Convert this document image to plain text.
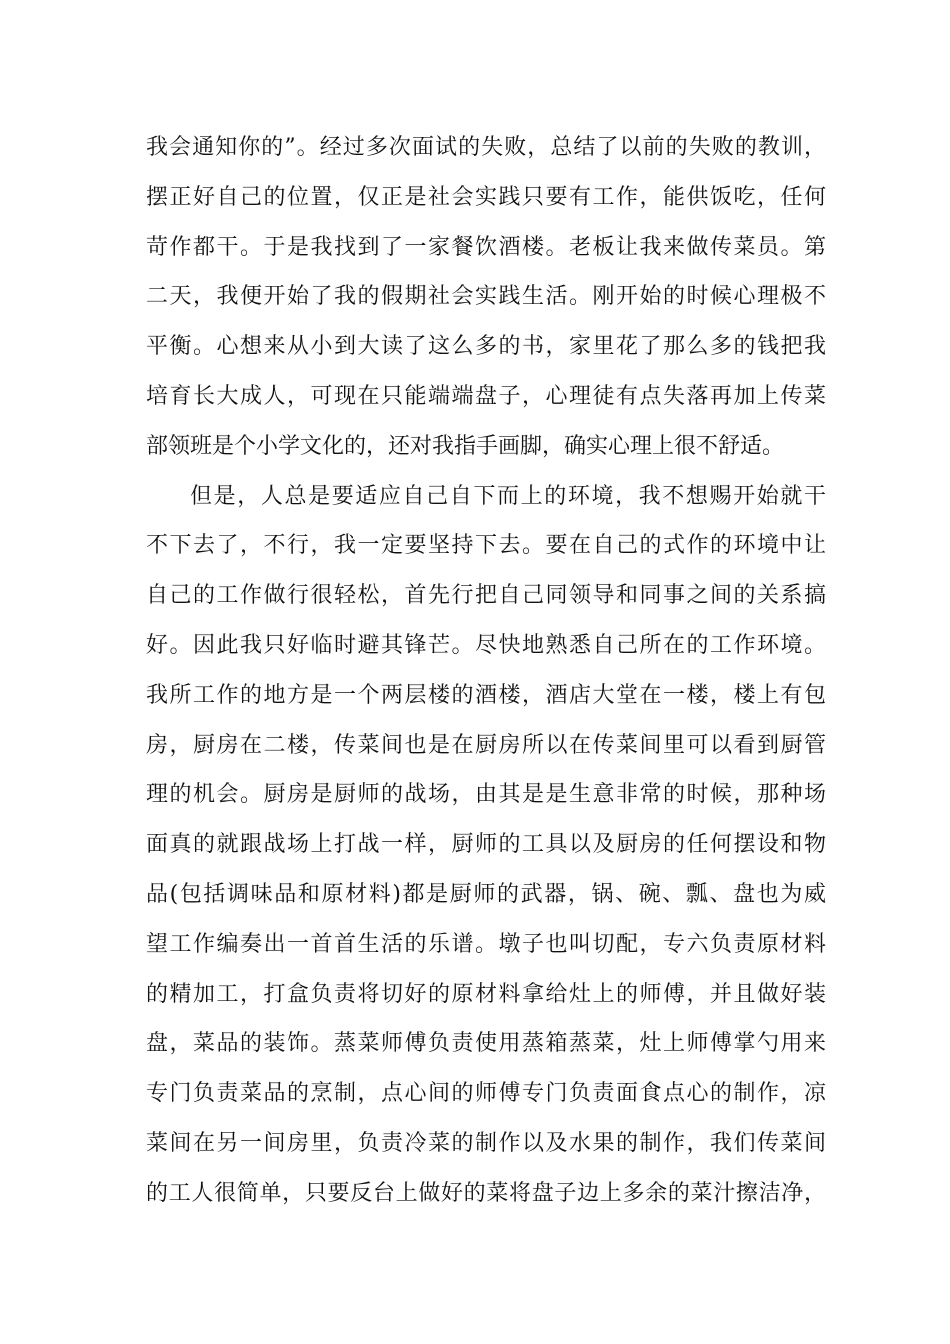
我会通知你的”。经过多次面试的失败，总结了以前的失败的教训，
摆正好自己的位置，仅正是社会实践只要有工作，能供饭吃，任何
苛作都干。于是我找到了一家餐饮酒楼。老板让我来做传菜员。第
二天，我便开始了我的假期社会实践生活。刚开始的时候心理极不
平衡。心想来从小到大读了这么多的书，家里花了那么多的钱把我
培育长大成人，可现在只能端端盘子，心理徒有点失落再加上传菜
部领班是个小学文化的，还对我指手画脚，确实心理上很不舒适。
但是，人总是要适应自己自下而上的环境，我不想赐开始就干
不下去了，不行，我一定要坚持下去。要在自己的式作的环境中让
自己的工作做行很轻松，首先行把自己同领导和同事之间的关系搞
好。因此我只好临时避其锋芒。尽快地熟悉自己所在的工作环境。
我所工作的地方是一个两层楼的酒楼，酒店大堂在一楼，楼上有包
房，厨房在二楼，传菜间也是在厨房所以在传菜间里可以看到厨管
理的机会。厨房是厨师的战场，由其是是生意非常的时候，那种场
面真的就跟战场上打战一样，厨师的工具以及厨房的任何摆设和物
品(包括调味品和原材料)都是厨师的武器，锅、碗、瓢、盘也为威
望工作编奏出一首首生活的乐谱。墩子也叫切配，专六负责原材料
的精加工，打盒负责将切好的原材料拿给灶上的师傅，并且做好装
盘，菜品的装饰。蒸菜师傅负责使用蒸箱蒸菜，灶上师傅掌勺用来
专门负责菜品的烹制，点心间的师傅专门负责面食点心的制作，凉
菜间在另一间房里，负责冷菜的制作以及水果的制作，我们传菜间
的工人很简单，只要反台上做好的菜将盘子边上多余的菜汁擦洁净，
